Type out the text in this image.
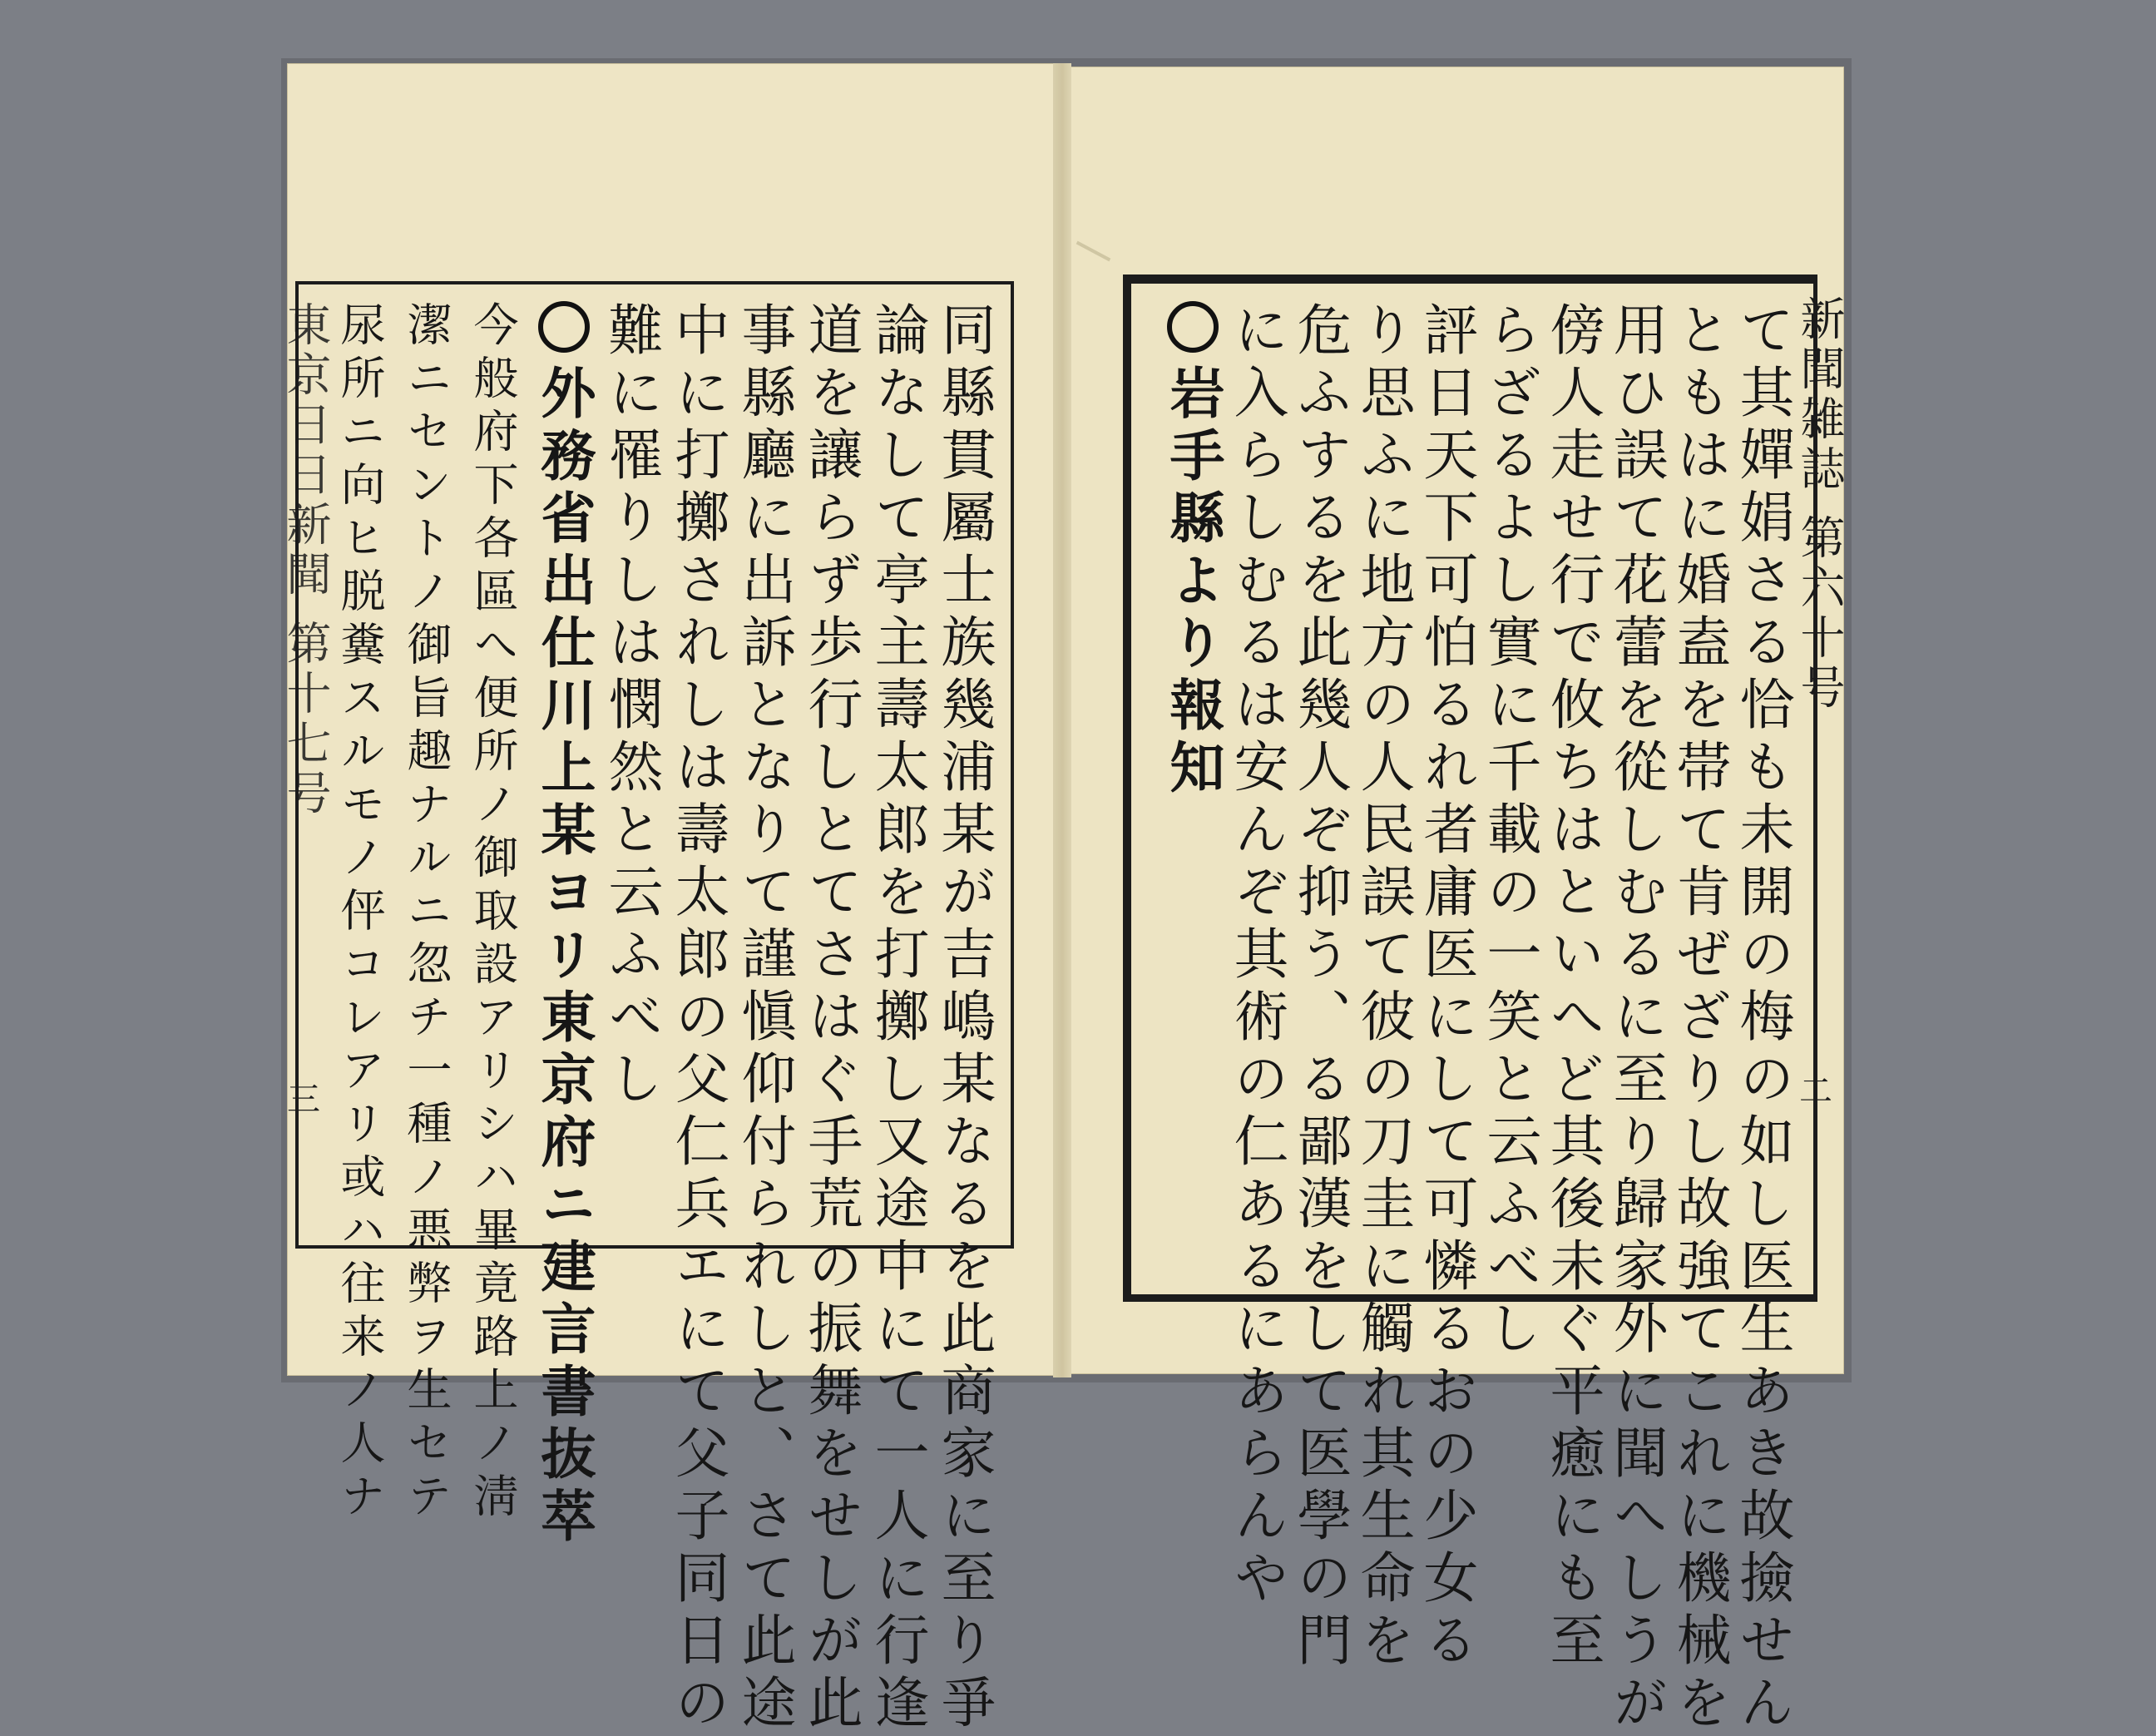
東京日日新聞 第十七号	新聞雑誌 第六十号
三	二
同縣貫屬士族幾浦某が吉嶋某なるを此商家に至り爭
論なして亭主壽太郎を打擲し又途中にて一人に行逢
道を讓らず歩行しとてさはぐ手荒の振舞をせしが此
事縣廳に出訴となりて謹愼仰付られしと、さて此途
中に打擲されしは壽太郎の父仁兵エにて父子同日の
難に罹りしは憫然と云ふべし
外務省出仕川上某ヨリ東京府ニ建言書抜萃
今般府下各區へ便所ノ御取設アリシハ畢竟路上ノ淸
潔ニセントノ御旨趣ナルニ忽チ一種ノ悪弊ヲ生セテ
尿所ニ向ヒ脱糞スルモノ伻コレアリ或ハ往来ノ人ナ	て其嬋娟さる恰も未開の梅の如し医生あき故撿せん
ともはに婚盍を帯て肯ぜざりし故強てこれに機械を
用ひ誤て花蕾を從しむるに至り歸家外に聞へしうが
傍人走せ行で攸ちはといへど其後未ぐ平癒にも至
らざるよし實に千載の一笑と云ふべし
評日天下可怕るれ者庸医にして可憐るおの少女る
り思ふに地方の人民誤て彼の刀圭に觸れ其生命を
危ふするを此幾人ぞ抑う、る鄙漢をして医學の門
に入らしむるは安んぞ其術の仁あるにあらんや
岩手縣より報知
